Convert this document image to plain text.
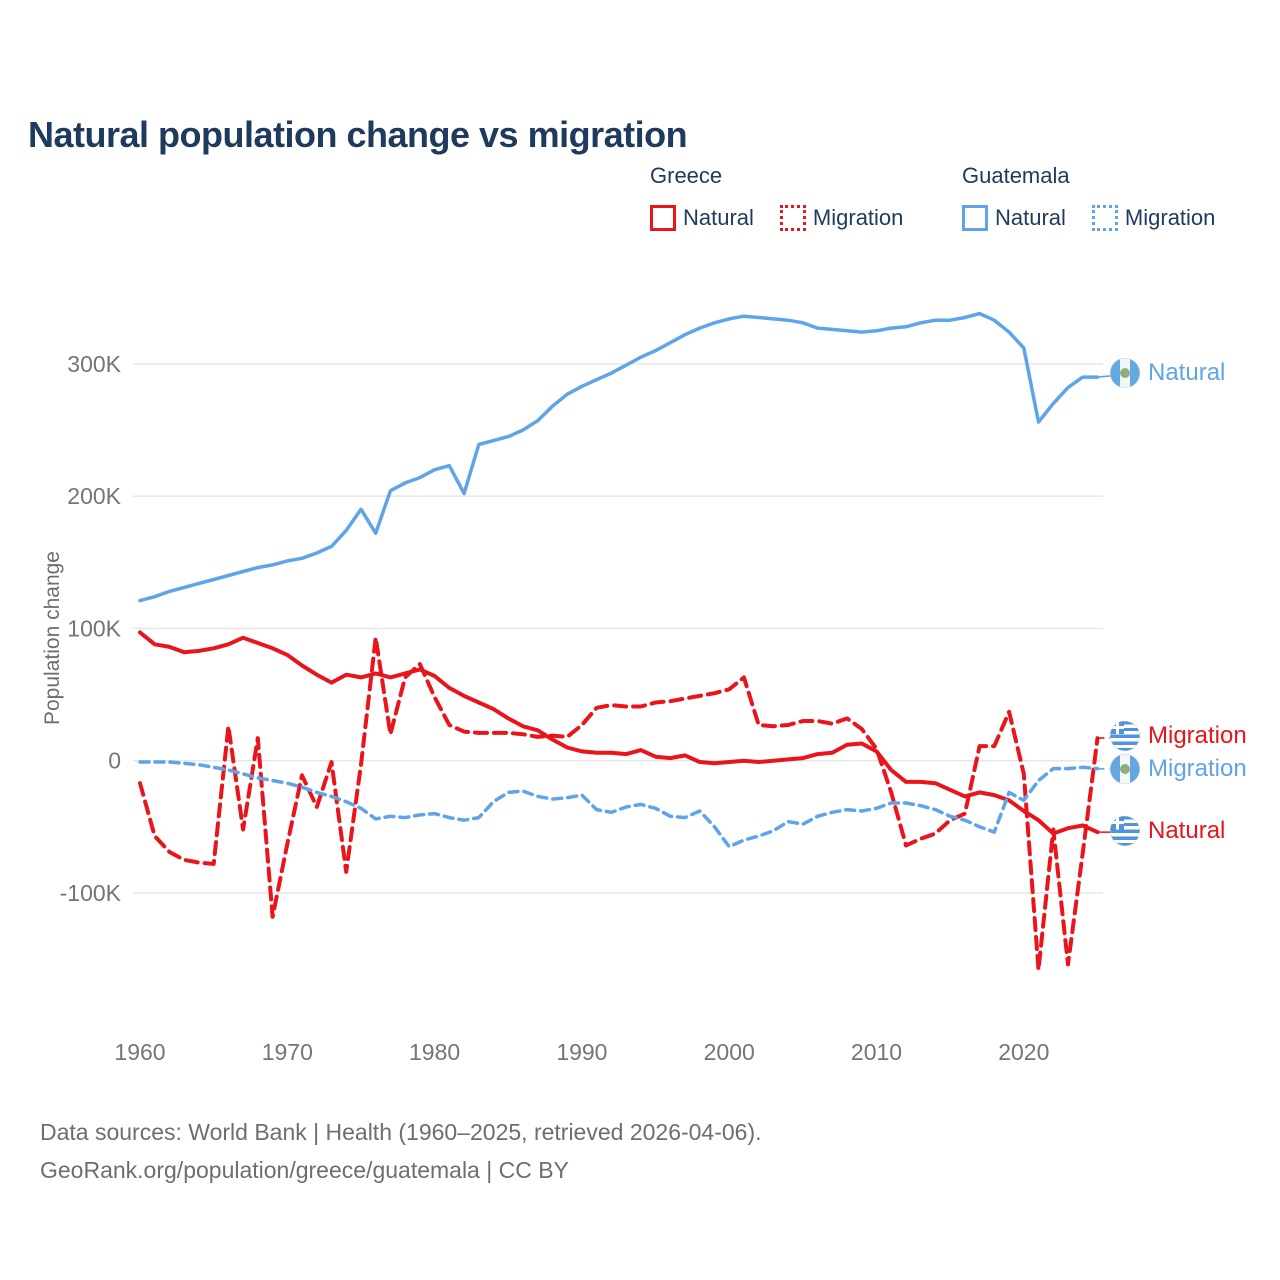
Natural population change vs migration
Greece
Natural	Migration
Guatemala
Natural	Migration
Population change
300K
200K
100K
0
-100K
1960	1970	1980	1990	2000	2010	2020
Natural
Migration
Migration
Natural
Data sources: World Bank | Health (1960–2025, retrieved 2026-04-06).
GeoRank.org/population/greece/guatemala | CC BY
